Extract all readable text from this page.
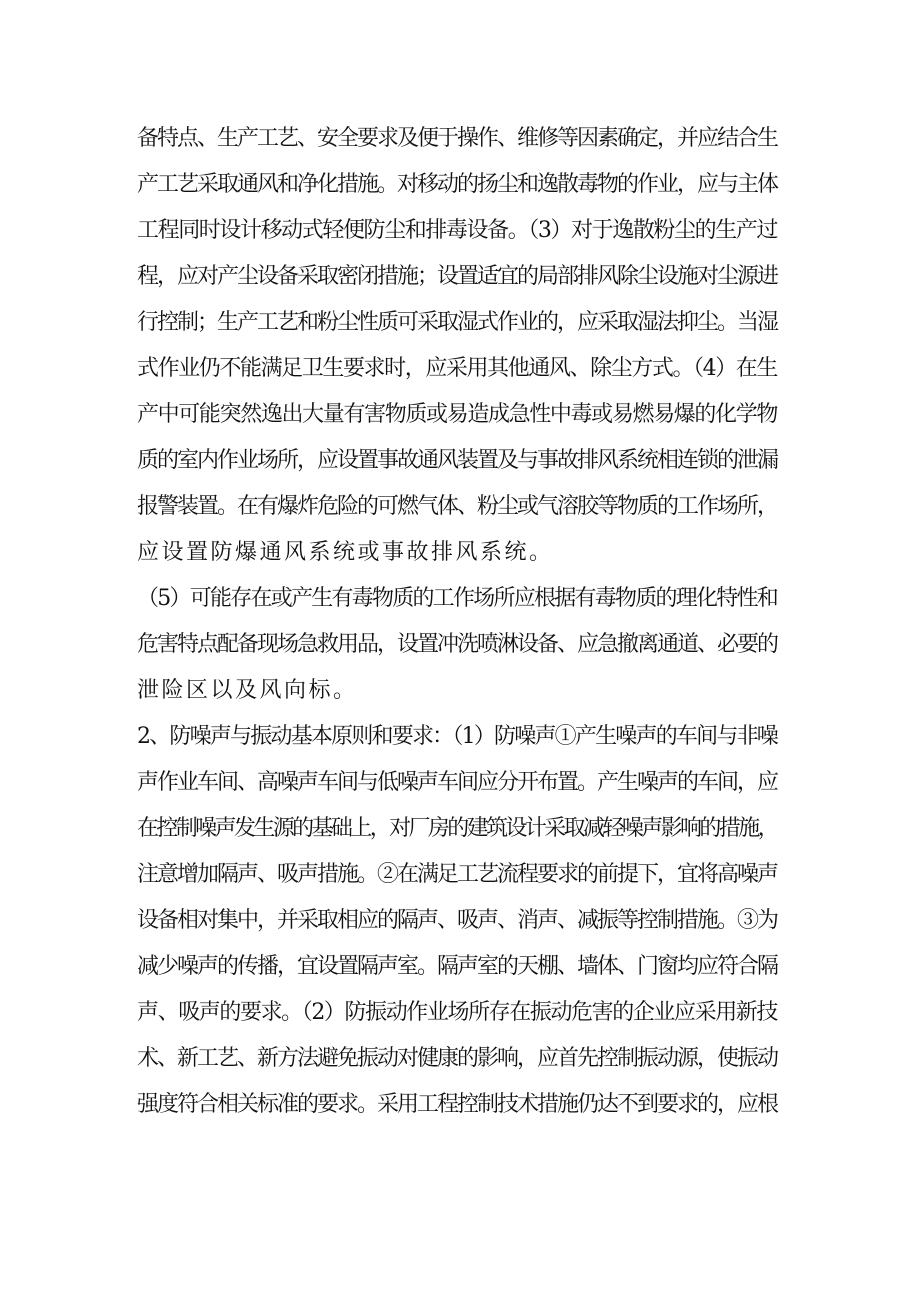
备特点、生产工艺、安全要求及便于操作、维修等因素确定，并应结合生
产工艺采取通风和净化措施。对移动的扬尘和逸散毒物的作业，应与主体
工程同时设计移动式轻便防尘和排毒设备。（3）对于逸散粉尘的生产过
程，应对产尘设备采取密闭措施；设置适宜的局部排风除尘设施对尘源进
行控制；生产工艺和粉尘性质可采取湿式作业的，应采取湿法抑尘。当湿
式作业仍不能满足卫生要求时，应采用其他通风、除尘方式。（4）在生
产中可能突然逸出大量有害物质或易造成急性中毒或易燃易爆的化学物
质的室内作业场所，应设置事故通风装置及与事故排风系统相连锁的泄漏
报警装置。在有爆炸危险的可燃气体、粉尘或气溶胶等物质的工作场所，
应设置防爆通风系统或事故排风系统。
（5）可能存在或产生有毒物质的工作场所应根据有毒物质的理化特性和
危害特点配备现场急救用品，设置冲洗喷淋设备、应急撤离通道、必要的
泄险区以及风向标。
2、防噪声与振动基本原则和要求：（1）防噪声①产生噪声的车间与非噪
声作业车间、高噪声车间与低噪声车间应分开布置。产生噪声的车间，应
在控制噪声发生源的基础上，对厂房的建筑设计采取减轻噪声影响的措施，
注意增加隔声、吸声措施。②在满足工艺流程要求的前提下，宜将高噪声
设备相对集中，并采取相应的隔声、吸声、消声、减振等控制措施。③为
减少噪声的传播，宜设置隔声室。隔声室的天棚、墙体、门窗均应符合隔
声、吸声的要求。（2）防振动作业场所存在振动危害的企业应采用新技
术、新工艺、新方法避免振动对健康的影响，应首先控制振动源，使振动
强度符合相关标准的要求。采用工程控制技术措施仍达不到要求的，应根
